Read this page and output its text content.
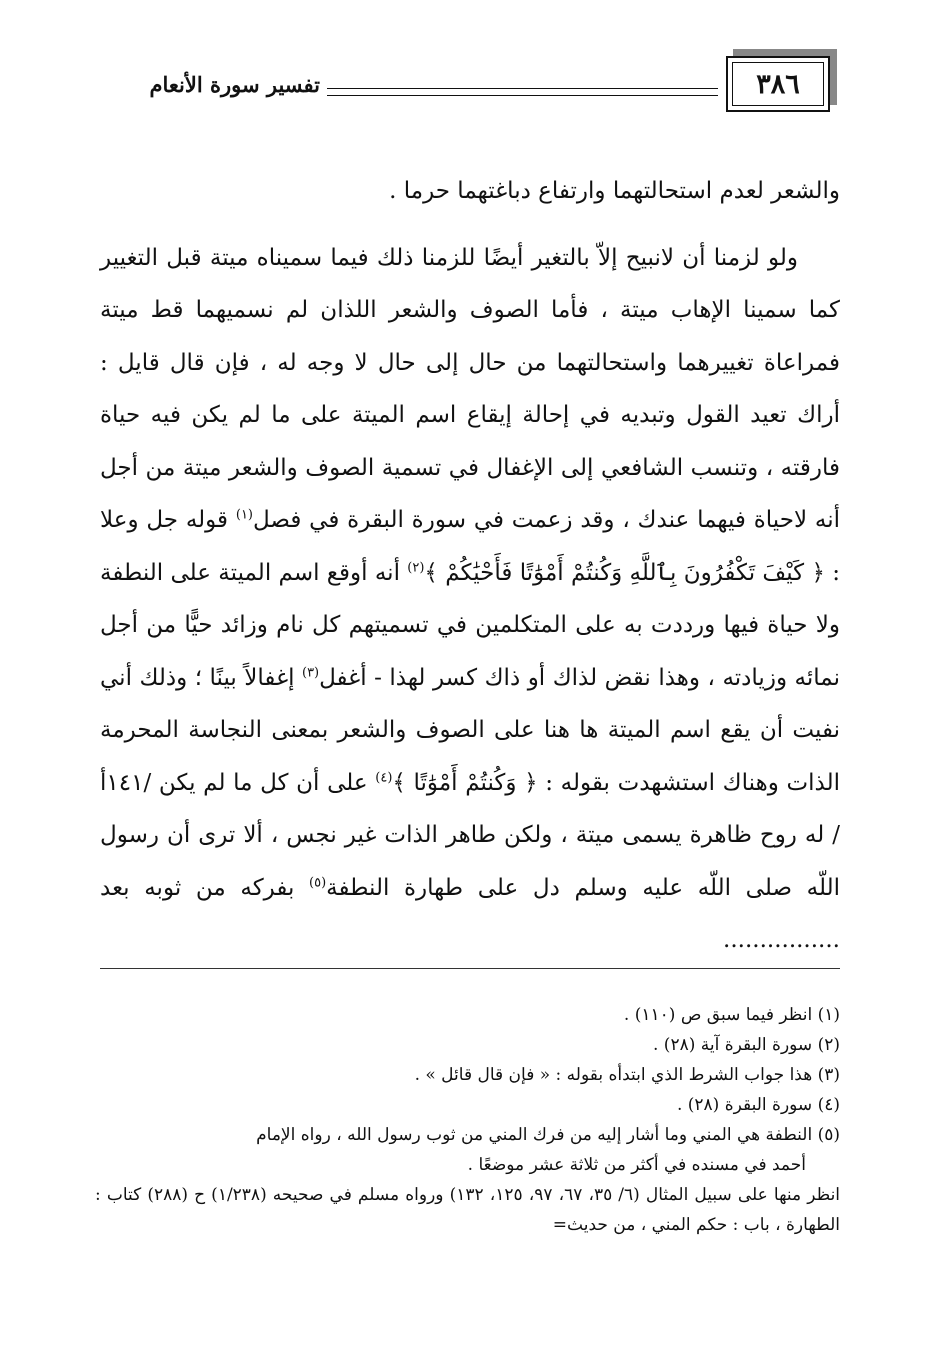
٣٨٦
تفسير سورة الأنعام

والشعر لعدم استحالتهما وارتفاع دباغتهما حرما .

ولو لزمنا أن لانبيح إلاّ بالتغير أيضًا للزمنا ذلك فيما سميناه ميتة قبل التغيير كما سمينا الإهاب ميتة ، فأما الصوف والشعر اللذان لم نسميهما قط ميتة فمراعاة تغييرهما واستحالتهما من حال إلى حال لا وجه له ، فإن قال قايل : أراك تعيد القول وتبديه في إحالة إيقاع اسم الميتة على ما لم يكن فيه حياة فارقته ، وتنسب الشافعي إلى الإغفال في تسمية الصوف والشعر ميتة من أجل أنه لاحياة فيهما عندك ، وقد زعمت في سورة البقرة في فصل$^{(١)}$ قوله جل وعلا : ﴿ كَيْفَ تَكْفُرُونَ بِٱللَّهِ وَكُنتُمْ أَمْوَٰتًا فَأَحْيَٰكُمْ ﴾$^{(٢)}$ أنه أوقع اسم الميتة على النطفة ولا حياة فيها ورددت به على المتكلمين في تسميتهم كل نام وزائد حيًّا من أجل نمائه وزيادته ، وهذا نقض لذاك أو ذاك كسر لهذا - أغفل$^{(٣)}$ إغفالاً بينًا ؛ وذلك أني نفيت أن يقع اسم الميتة ها هنا على الصوف والشعر بمعنى النجاسة المحرمة الذات وهناك استشهدت بقوله : ﴿ وَكُنتُمْ أَمْوَٰتًا ﴾$^{(٤)}$ على أن كل ما لم يكن /١٤١أ / له روح ظاهرة يسمى ميتة ، ولكن طاهر الذات غير نجس ، ألا ترى أن رسول اللّه صلى اللّه عليه وسلم دل على طهارة النطفة$^{(٥)}$ بفركه من ثوبه بعد ................

(١) انظر فيما سبق ص (١١٠) .

(٢) سورة البقرة آية (٢٨) .

(٣) هذا جواب الشرط الذي ابتدأه بقوله : « فإن قال قائل » .

(٤) سورة البقرة (٢٨) .

(٥) النطفة هي المني وما أشار إليه من فرك المني من ثوب رسول الله ، رواه الإمام

أحمد في مسنده في أكثر من ثلاثة عشر موضعًا .

انظر منها على سبيل المثال (٦/ ٣٥، ٦٧، ٩٧، ١٢٥، ١٣٢) ورواه مسلم في صحيحه (١/٢٣٨) ح (٢٨٨) كتاب : الطهارة ، باب : حكم المني ، من حديث=
